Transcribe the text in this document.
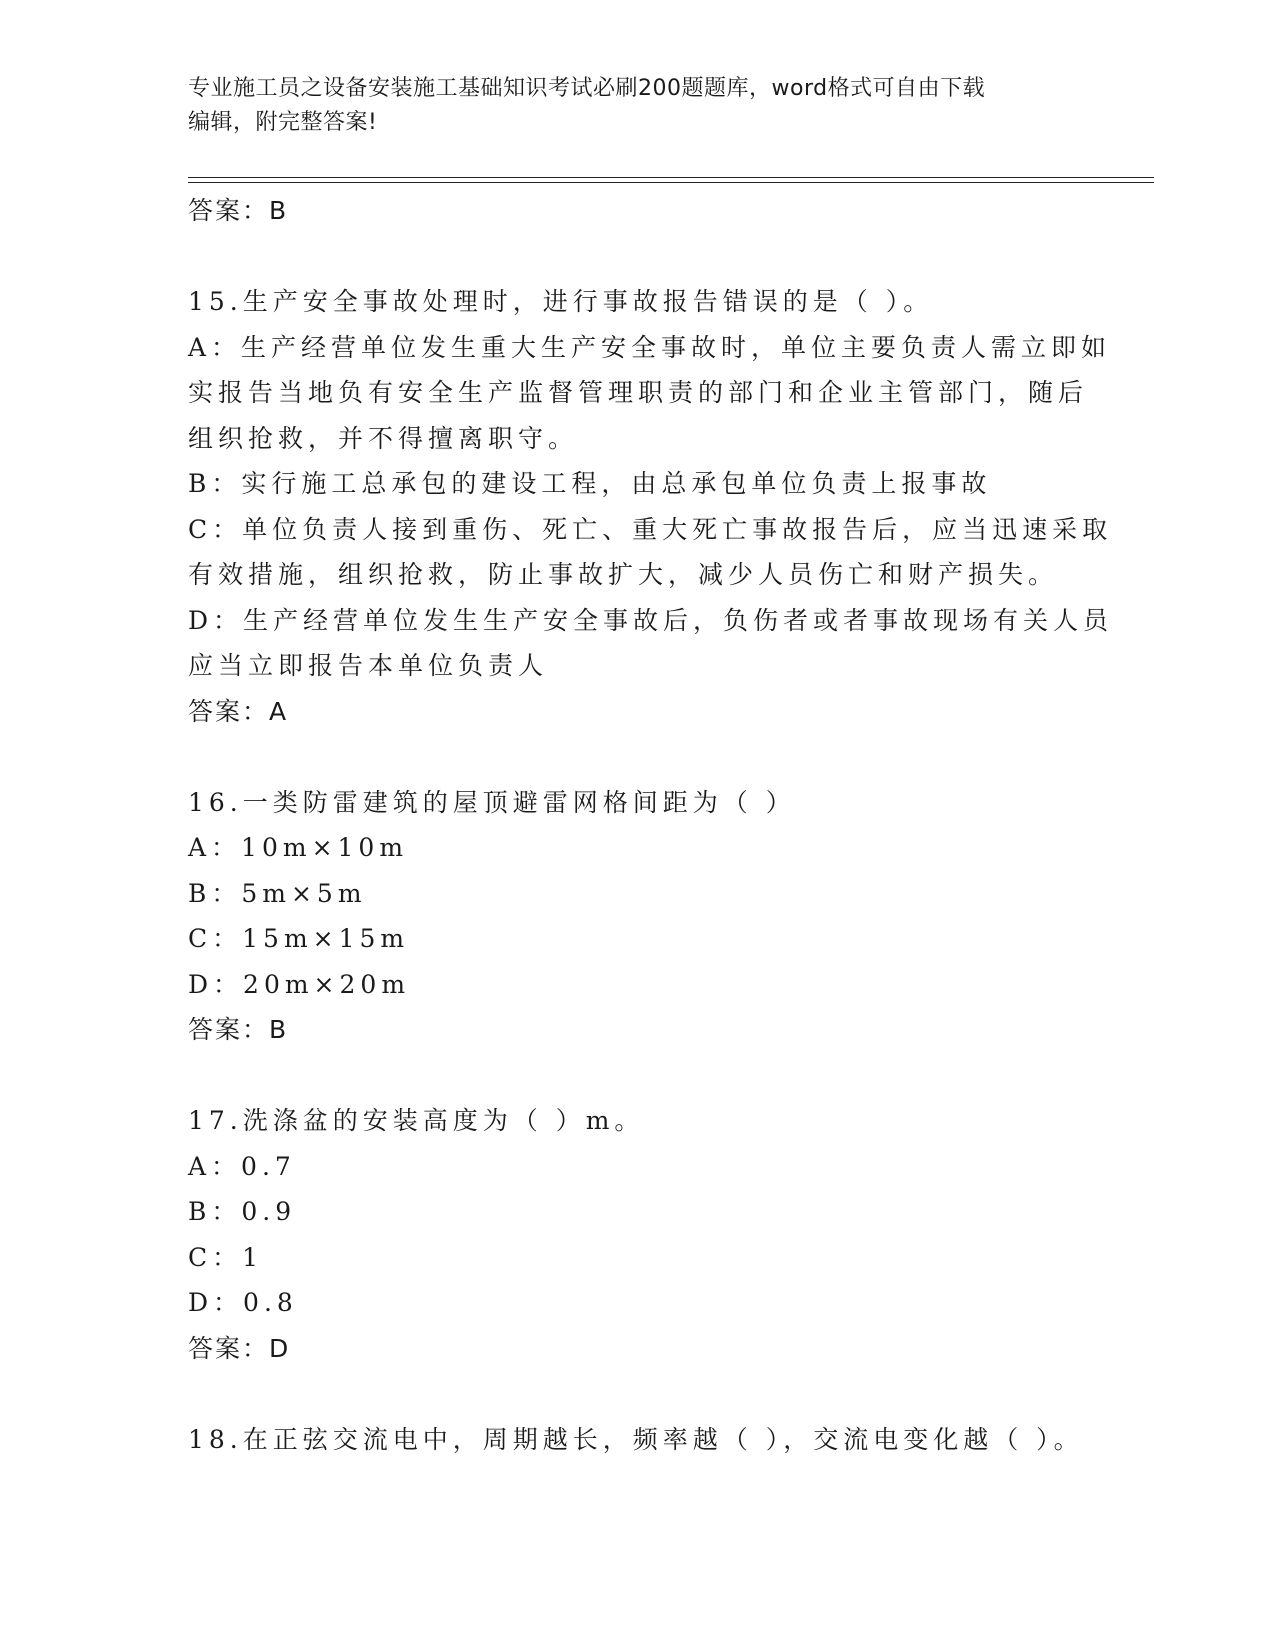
专业施工员之设备安装施工基础知识考试必刷200题题库，word格式可自由下载
编辑，附完整答案!
答案：B
15.生产安全事故处理时，进行事故报告错误的是（ ）。
A：生产经营单位发生重大生产安全事故时，单位主要负责人需立即如
实报告当地负有安全生产监督管理职责的部门和企业主管部门，随后
组织抢救，并不得擅离职守。
B：实行施工总承包的建设工程，由总承包单位负责上报事故
C：单位负责人接到重伤、死亡、重大死亡事故报告后，应当迅速采取
有效措施，组织抢救，防止事故扩大，减少人员伤亡和财产损失。
D：生产经营单位发生生产安全事故后，负伤者或者事故现场有关人员
应当立即报告本单位负责人
答案：A
16.一类防雷建筑的屋顶避雷网格间距为（ ）
A：10m×10m
B：5m×5m
C：15m×15m
D：20m×20m
答案：B
17.洗涤盆的安装高度为（ ）m。
A：0.7
B：0.9
C：1
D：0.8
答案：D
18.在正弦交流电中，周期越长，频率越（ ），交流电变化越（ ）。
